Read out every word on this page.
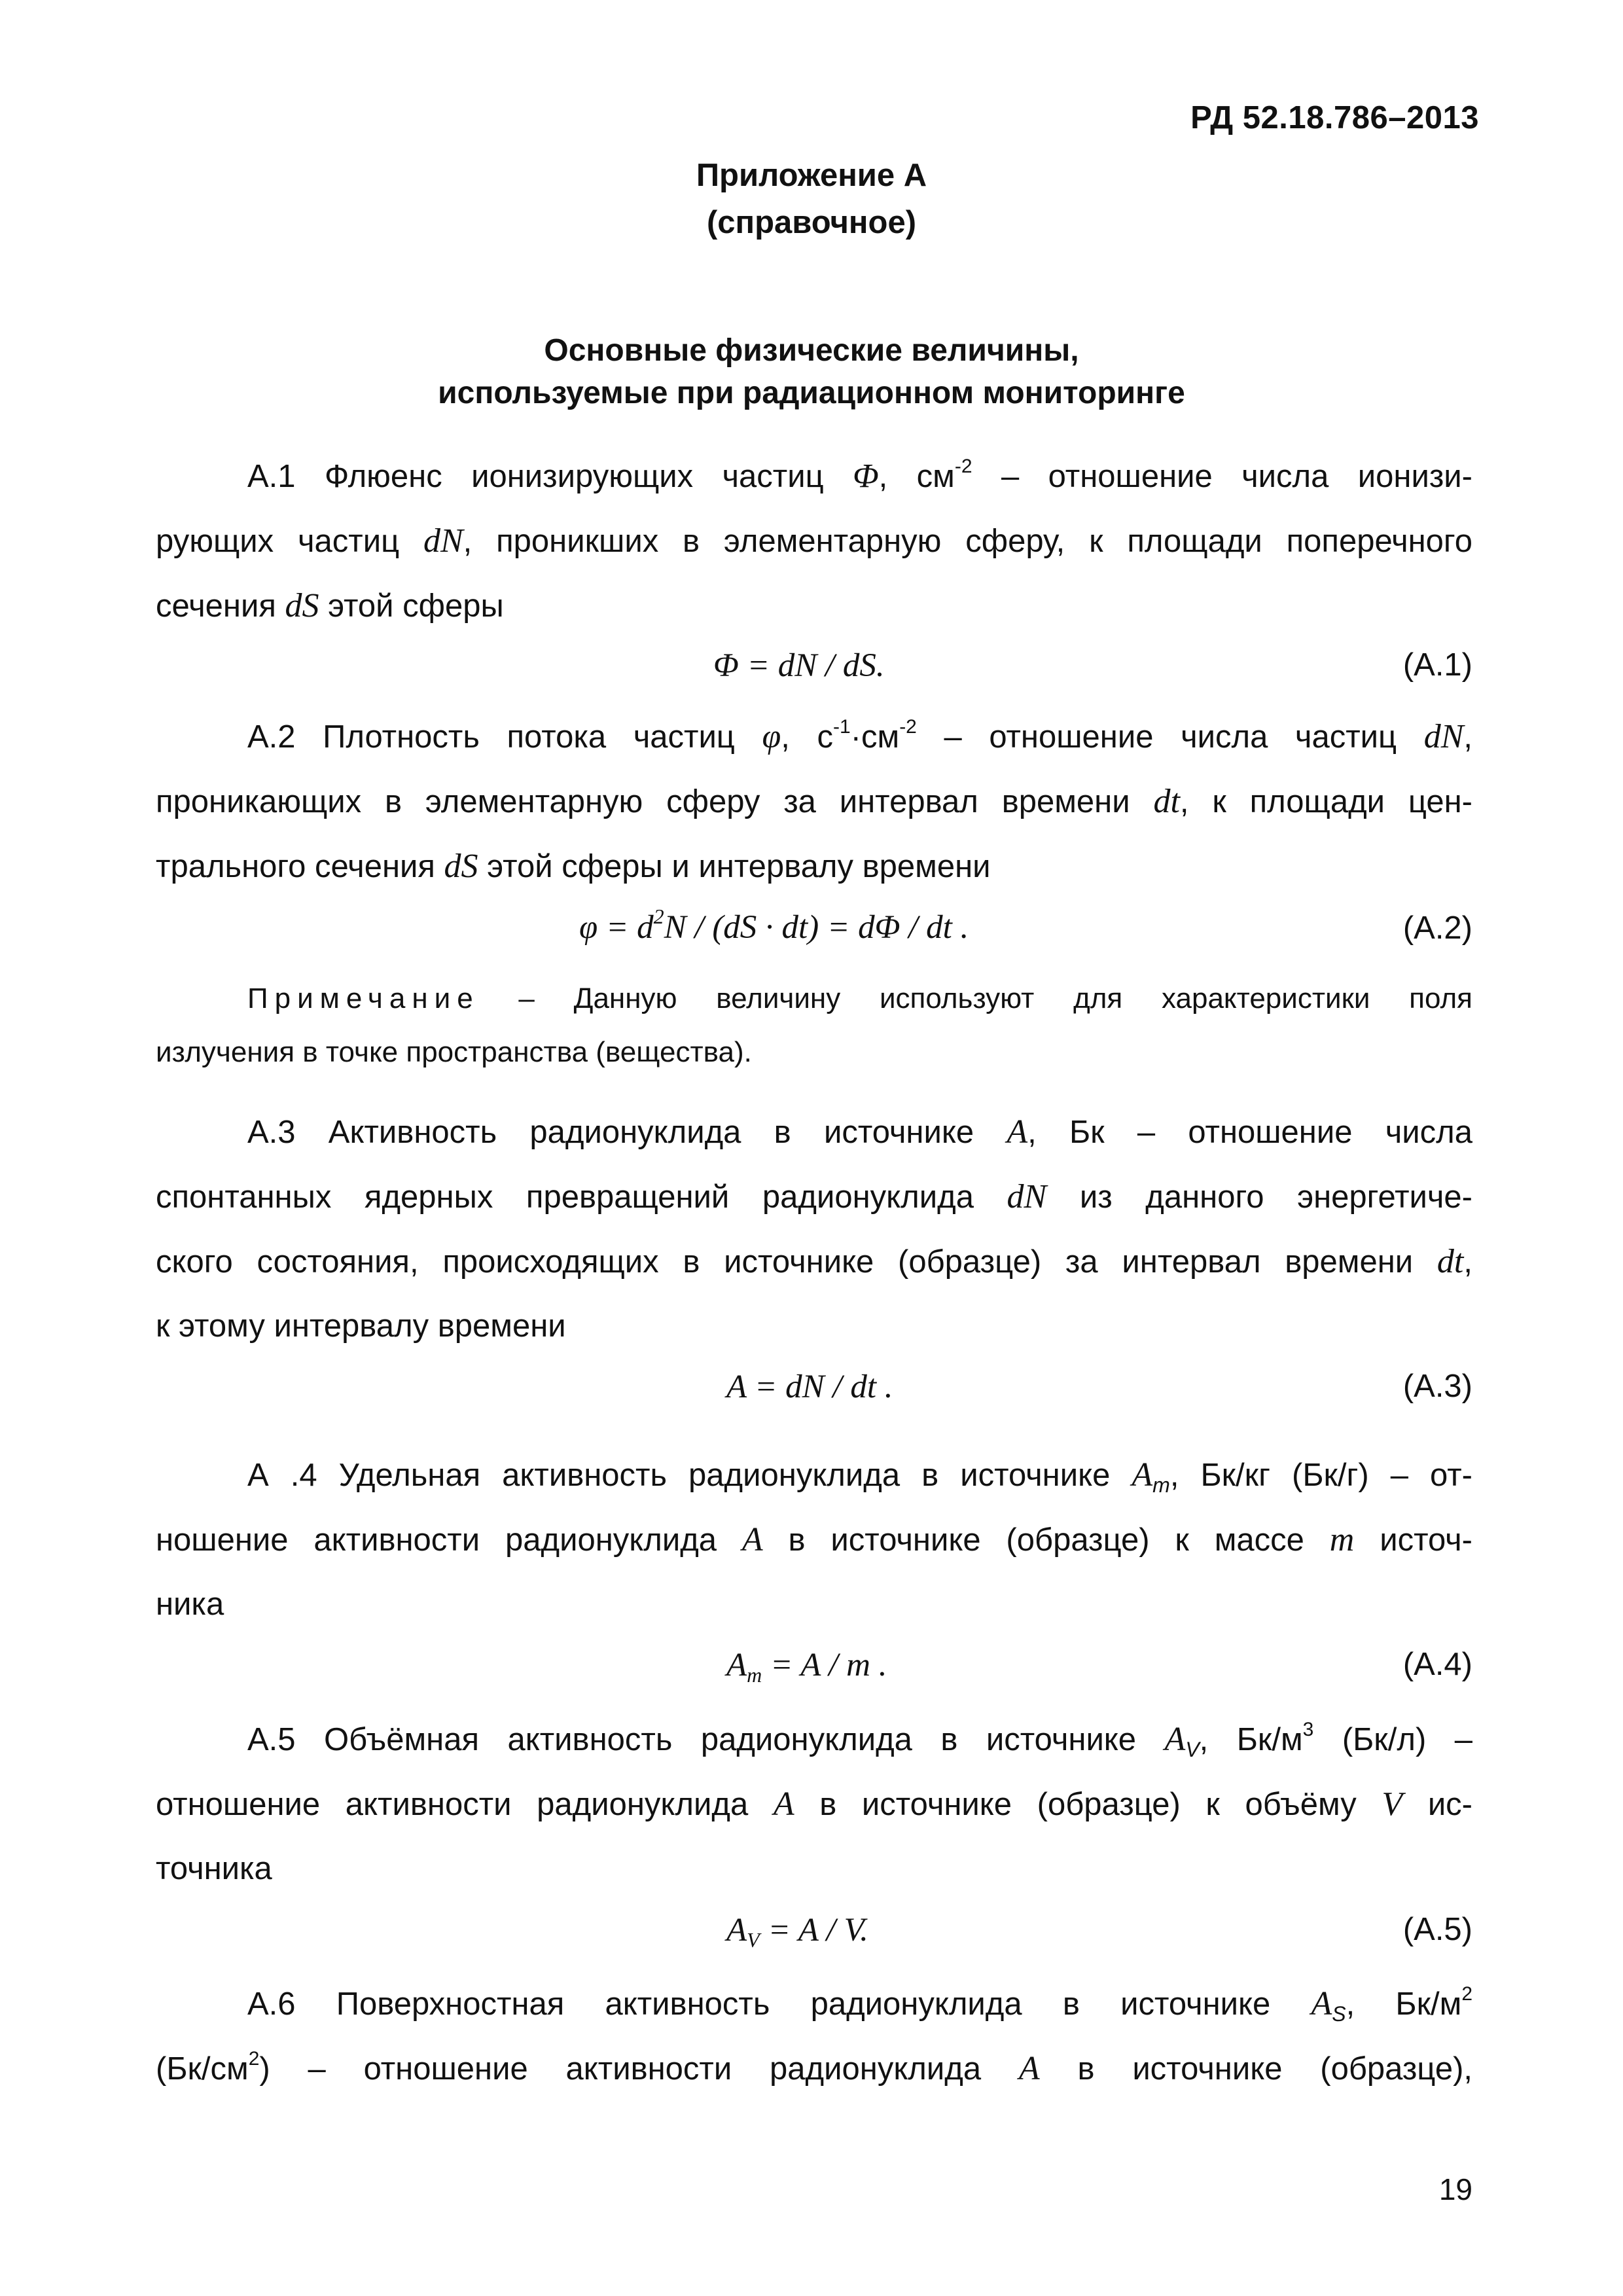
РД 52.18.786–2013
Приложение А
(справочное)
Основные физические величины,
используемые при радиационном мониторинге
А.1 Флюенс ионизирующих частиц Φ, $см^{-2}$ – отношение числа ионизи-
рующих частиц dN, проникших в элементарную сферу, к площади поперечного
сечения dS этой сферы
Φ = dN / dS.	(А.1)
А.2 Плотность потока частиц φ, $с^{-1}\cdot см^{-2}$ – отношение числа частиц dN,
проникающих в элементарную сферу за интервал времени dt, к площади цен-
трального сечения dS этой сферы и интервалу времени
$\varphi = d^2N / (dS \cdot dt) = d\Phi$ / dt .	(А.2)
Примечание – Данную величину используют для характеристики поля
излучения в точке пространства (вещества).
А.3 Активность радионуклида в источнике A, Бк – отношение числа
спонтанных ядерных превращений радионуклида dN из данного энергетиче-
ского состояния, происходящих в источнике (образце) за интервал времени dt,
к этому интервалу времени
A = dN / dt .	(А.3)
А .4 Удельная активность радионуклида в источнике $A_m$, Бк/кг (Бк/г) – от-
ношение активности радионуклида A в источнике (образце) к массе m источ-
ника
$A_m = A / m$ .	(А.4)
А.5 Объёмная активность радионуклида в источнике $A_V$, $Бк/м^3$ (Бк/л) –
отношение активности радионуклида A в источнике (образце) к объёму V ис-
точника
$A_V = A / V$.	(А.5)
А.6 Поверхностная активность радионуклида в источнике $A_S$, $Бк/м^2$
$(Бк/см^2)$ – отношение активности радионуклида A в источнике (образце),
19
